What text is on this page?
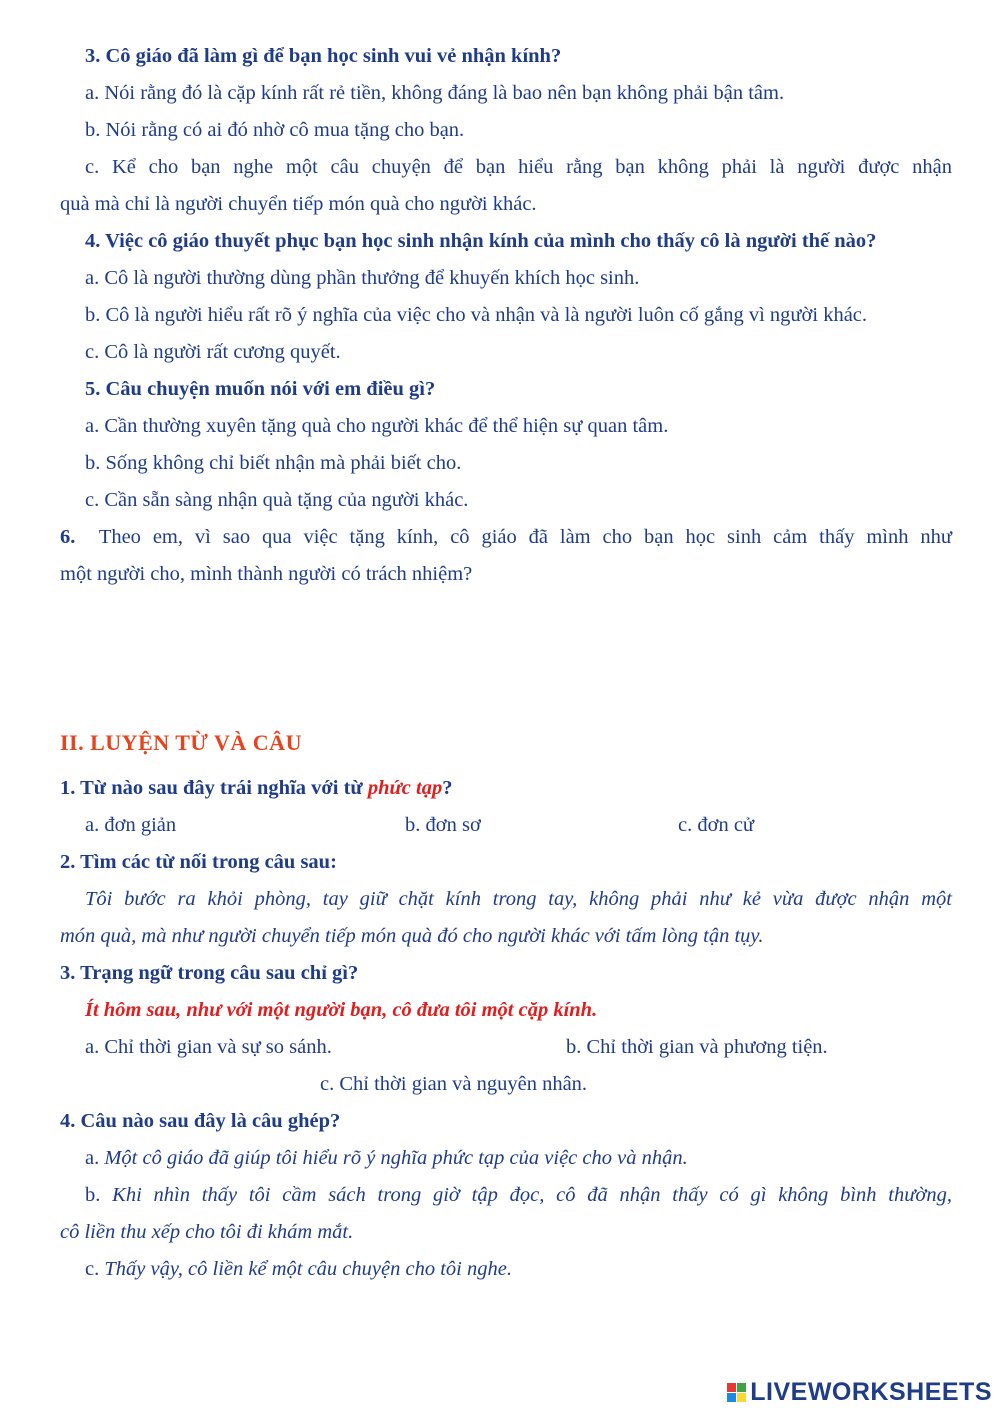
3. Cô giáo đã làm gì để bạn học sinh vui vẻ nhận kính?

a. Nói rằng đó là cặp kính rất rẻ tiền, không đáng là bao nên bạn không phải bận tâm.

b. Nói rằng có ai đó nhờ cô mua tặng cho bạn.

c. Kể cho bạn nghe một câu chuyện để bạn hiểu rằng bạn không phải là người được nhận

quà mà chỉ là người chuyển tiếp món quà cho người khác.

4. Việc cô giáo thuyết phục bạn học sinh nhận kính của mình cho thấy cô là người thế nào?

a. Cô là người thường dùng phần thưởng để khuyến khích học sinh.

b. Cô là người hiểu rất rõ ý nghĩa của việc cho và nhận và là người luôn cố gắng vì người khác.

c. Cô là người rất cương quyết.

5. Câu chuyện muốn nói với em điều gì?

a. Cần thường xuyên tặng quà cho người khác để thể hiện sự quan tâm.

b. Sống không chỉ biết nhận mà phải biết cho.

c. Cần sẵn sàng nhận quà tặng của người khác.

6. Theo em, vì sao qua việc tặng kính, cô giáo đã làm cho bạn học sinh cảm thấy mình như

một người cho, mình thành người có trách nhiệm?

II. LUYỆN TỪ VÀ CÂU

1. Từ nào sau đây trái nghĩa với từ phức tạp?

a. đơn giản	b. đơn sơ	c. đơn cử

2. Tìm các từ nối trong câu sau:

Tôi bước ra khỏi phòng, tay giữ chặt kính trong tay, không phải như kẻ vừa được nhận một

món quà, mà như người chuyển tiếp món quà đó cho người khác với tấm lòng tận tụy.

3. Trạng ngữ trong câu sau chỉ gì?

Ít hôm sau, như với một người bạn, cô đưa tôi một cặp kính.

a. Chỉ thời gian và sự so sánh.	b. Chỉ thời gian và phương tiện.

c. Chỉ thời gian và nguyên nhân.

4. Câu nào sau đây là câu ghép?

a. Một cô giáo đã giúp tôi hiểu rõ ý nghĩa phức tạp của việc cho và nhận.

b. Khi nhìn thấy tôi cầm sách trong giờ tập đọc, cô đã nhận thấy có gì không bình thường,

cô liền thu xếp cho tôi đi khám mắt.

c. Thấy vậy, cô liền kể một câu chuyện cho tôi nghe.

LIVEWORKSHEETS
